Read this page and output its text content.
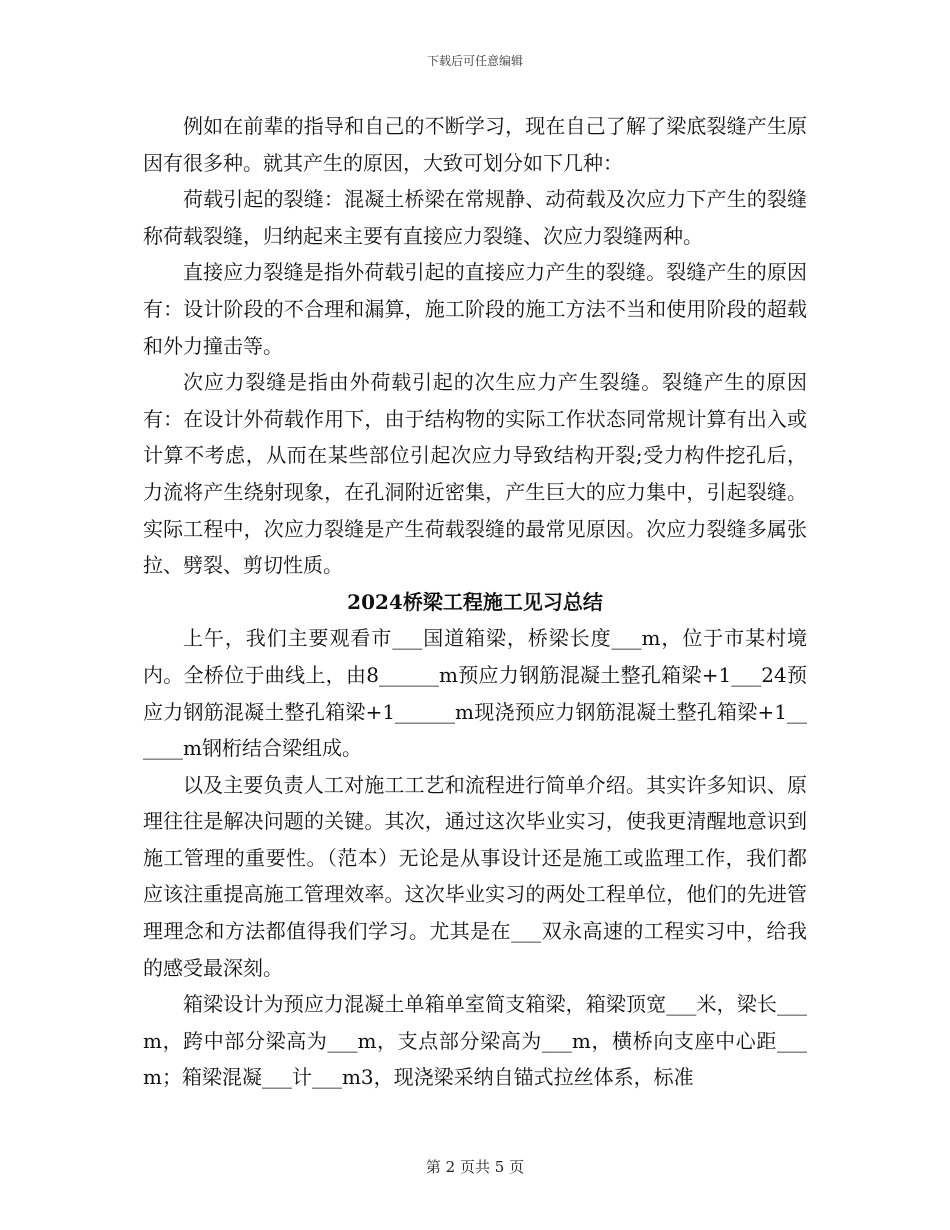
下载后可任意编辑

例如在前辈的指导和自己的不断学习，现在自己了解了梁底裂缝产生原因有很多种。就其产生的原因，大致可划分如下几种：

荷载引起的裂缝：混凝土桥梁在常规静、动荷载及次应力下产生的裂缝称荷载裂缝，归纳起来主要有直接应力裂缝、次应力裂缝两种。

直接应力裂缝是指外荷载引起的直接应力产生的裂缝。裂缝产生的原因有：设计阶段的不合理和漏算，施工阶段的施工方法不当和使用阶段的超载和外力撞击等。

次应力裂缝是指由外荷载引起的次生应力产生裂缝。裂缝产生的原因有：在设计外荷载作用下，由于结构物的实际工作状态同常规计算有出入或计算不考虑，从而在某些部位引起次应力导致结构开裂;受力构件挖孔后，力流将产生绕射现象，在孔洞附近密集，产生巨大的应力集中，引起裂缝。实际工程中，次应力裂缝是产生荷载裂缝的最常见原因。次应力裂缝多属张拉、劈裂、剪切性质。

2024桥梁工程施工见习总结

上午，我们主要观看市___国道箱梁，桥梁长度___m，位于市某村境内。全桥位于曲线上，由8______m预应力钢筋混凝土整孔箱梁+1___24预应力钢筋混凝土整孔箱梁+1______m现浇预应力钢筋混凝土整孔箱梁+1______m钢桁结合梁组成。

以及主要负责人工对施工工艺和流程进行简单介绍。其实许多知识、原理往往是解决问题的关键。其次，通过这次毕业实习，使我更清醒地意识到施工管理的重要性。（范本）无论是从事设计还是施工或监理工作，我们都应该注重提高施工管理效率。这次毕业实习的两处工程单位，他们的先进管理理念和方法都值得我们学习。尤其是在___双永高速的工程实习中，给我的感受最深刻。

箱梁设计为预应力混凝土单箱单室简支箱梁，箱梁顶宽___米，梁长___m，跨中部分梁高为___m，支点部分梁高为___m，横桥向支座中心距___m；箱梁混凝___计___m3，现浇梁采纳自锚式拉丝体系，标准

第 2 页共 5 页
